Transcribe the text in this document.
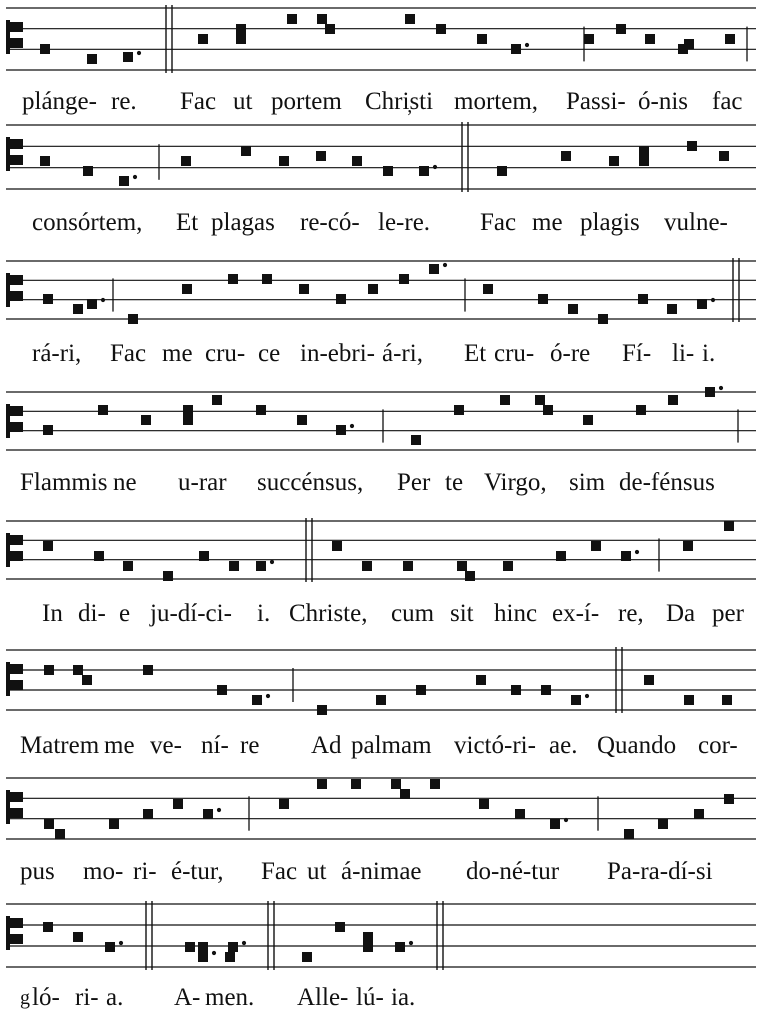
plánge- re. Fac ut portem Chri̦sti mortem, Passi- ó-nis fac
consórtem, Et plagas re-có- le-re. Fac me plagis vulne-
rá-ri, Fac me cru- ce in-ebri- á-ri, Et cru- ó-re Fí- li- i.
Flammis ne u-rar succénsus, Per te Virgo, sim de-fénsus
In di- e ju-dí-ci- i. Christe, cum sit hinc ex-í- re, Da per
Matrem me ve- ní- re Ad palmam victó-ri- ae. Quando cor-
pus mo- ri- é-tur, Fac ut á-nimae do-né-tur Pa-ra-dí-si
g ló- ri- a. A- men. Alle- lú- ia.
